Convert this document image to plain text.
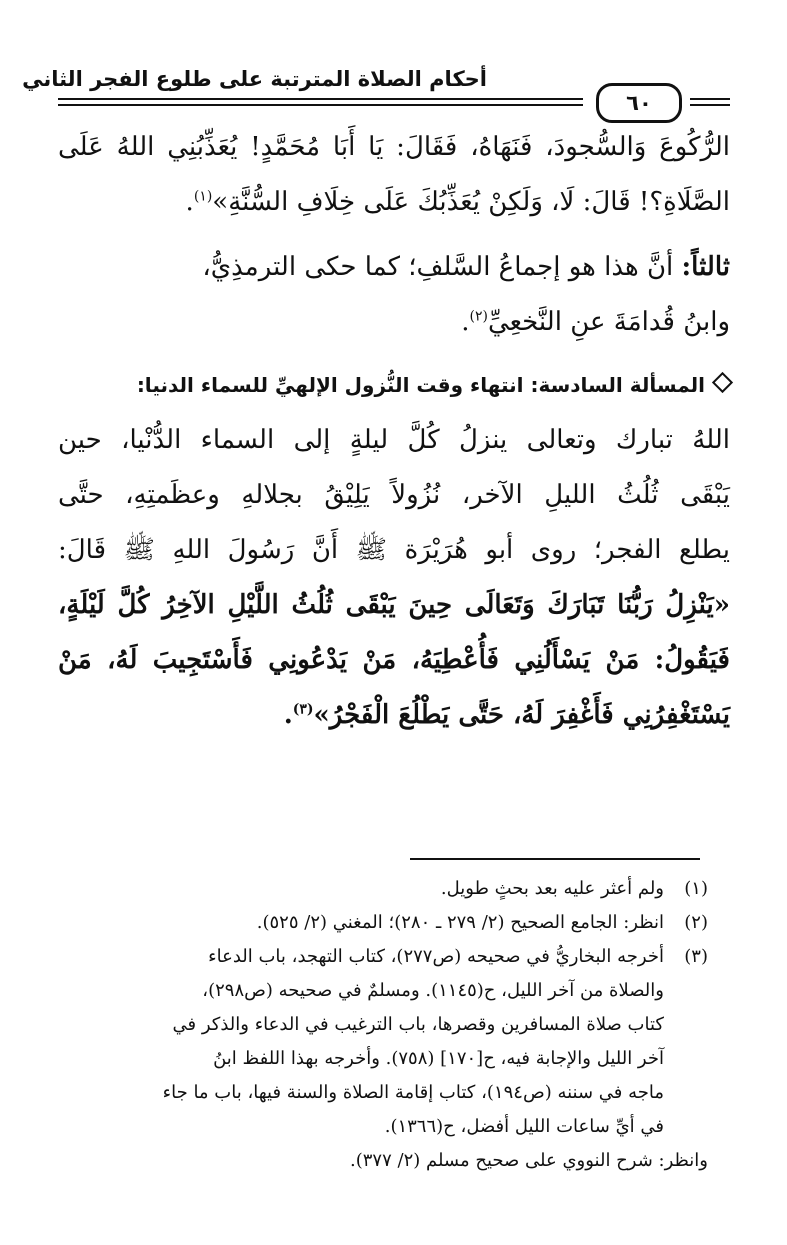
أحكام الصلاة المترتبة على طلوع الفجر الثاني
٦٠
الرُّكُوعَ وَالسُّجودَ، فَنَهَاهُ، فَقَالَ: يَا أَبَا مُحَمَّدٍ! يُعَذِّبُنِي اللهُ عَلَى
الصَّلَاةِ؟! قَالَ: لَا، وَلَكِنْ يُعَذِّبُكَ عَلَى خِلَافِ السُّنَّةِ»$^{(١)}$.
ثالثاً: أنَّ هذا هو إجماعُ السَّلفِ؛ كما حكى الترمذِيُّ،
وابنُ قُدامَةَ عنِ النَّخعِيِّ$^{(٢)}$.
المسألة السادسة: انتهاء وقت النُّزول الإلهيِّ للسماء الدنيا:
اللهُ تبارك وتعالى ينزلُ كُلَّ ليلةٍ إلى السماء الدُّنْيا، حين
يَبْقَى ثُلُثُ الليلِ الآخر، نُزُولاً يَلِيْقُ بجلالهِ وعظَمتِهِ، حتَّى
يطلع الفجر؛ روى أبو هُرَيْرَة ﷺ أَنَّ رَسُولَ اللهِ ﷺ قَالَ:
«يَنْزِلُ رَبُّنَا تَبَارَكَ وَتَعَالَى حِينَ يَبْقَى ثُلُثُ اللَّيْلِ الآخِرُ كُلَّ لَيْلَةٍ،
فَيَقُولُ: مَنْ يَسْأَلُنِي فَأُعْطِيَهُ، مَنْ يَدْعُونِي فَأَسْتَجِيبَ لَهُ، مَنْ
يَسْتَغْفِرُنِي فَأَغْفِرَ لَهُ، حَتَّى يَطْلُعَ الْفَجْرُ»$^{(٣)}$.
(١)
ولم أعثر عليه بعد بحثٍ طويل.
(٢)
انظر: الجامع الصحيح (٢/ ٢٧٩ ـ ٢٨٠)؛ المغني (٢/ ٥٢٥).
(٣)
أخرجه البخاريُّ في صحيحه (ص٢٧٧)، كتاب التهجد، باب الدعاء
والصلاة من آخر الليل، ح(١١٤٥). ومسلمٌ في صحيحه (ص٢٩٨)،
كتاب صلاة المسافرين وقصرها، باب الترغيب في الدعاء والذكر في
آخر الليل والإجابة فيه، ح[١٧٠] (٧٥٨). وأخرجه بهذا اللفظ ابنُ
ماجه في سننه (ص١٩٤)، كتاب إقامة الصلاة والسنة فيها، باب ما جاء
في أيِّ ساعات الليل أفضل، ح(١٣٦٦).
وانظر: شرح النووي على صحيح مسلم (٢/ ٣٧٧).
